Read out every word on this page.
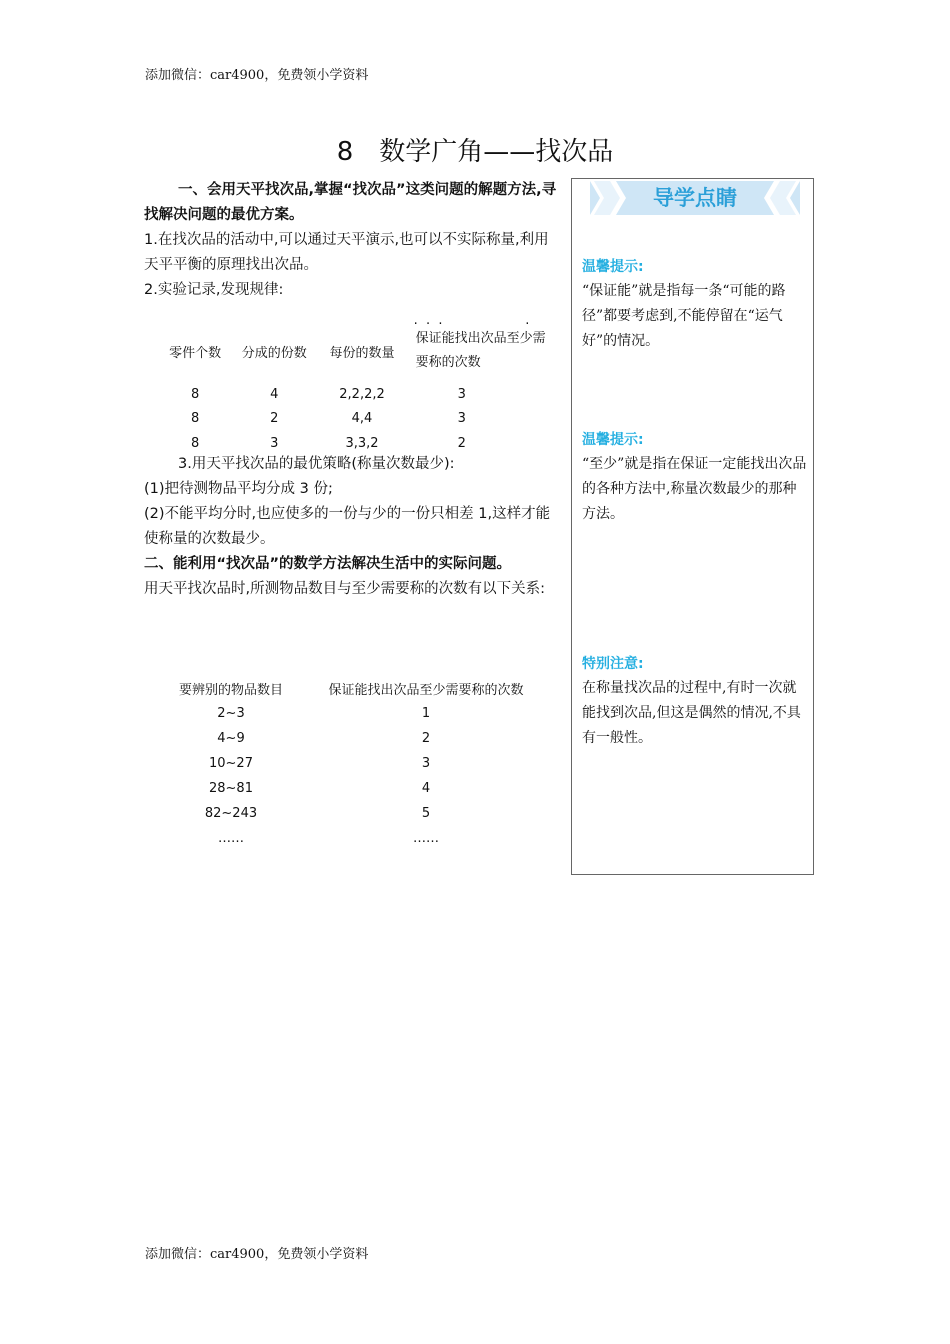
添加微信：car4900，免费领小学资料
8　数学广角——找次品

一、会用天平找次品,掌握“找次品”这类问题的解题方法,寻找解决问题的最优方案。

1.在找次品的活动中,可以通过天平演示,也可以不实际称量,利用天平平衡的原理找出次品。

2.实验记录,发现规律:

零件个数	分成的份数	每份的数量	·  ·  ·                    ·
保证能找出次品至少需要称的次数
8	4	2,2,2,2	3
8	2	4,4	3
8	3	3,3,2	2

3.用天平找次品的最优策略(称量次数最少):

(1)把待测物品平均分成 3 份;

(2)不能平均分时,也应使多的一份与少的一份只相差 1,这样才能使称量的次数最少。

二、能利用“找次品”的数学方法解决生活中的实际问题。

用天平找次品时,所测物品数目与至少需要称的次数有以下关系:

要辨别的物品数目	保证能找出次品至少需要称的次数
2~3	1
4~9	2
10~27	3
28~81	4
82~243	5
……	……
导学点睛
温馨提示:
“保证能”就是指每一条“可能的路径”都要考虑到,不能停留在“运气好”的情况。
温馨提示:
“至少”就是指在保证一定能找出次品的各种方法中,称量次数最少的那种方法。
特别注意:
在称量找次品的过程中,有时一次就能找到次品,但这是偶然的情况,不具有一般性。
添加微信：car4900，免费领小学资料
